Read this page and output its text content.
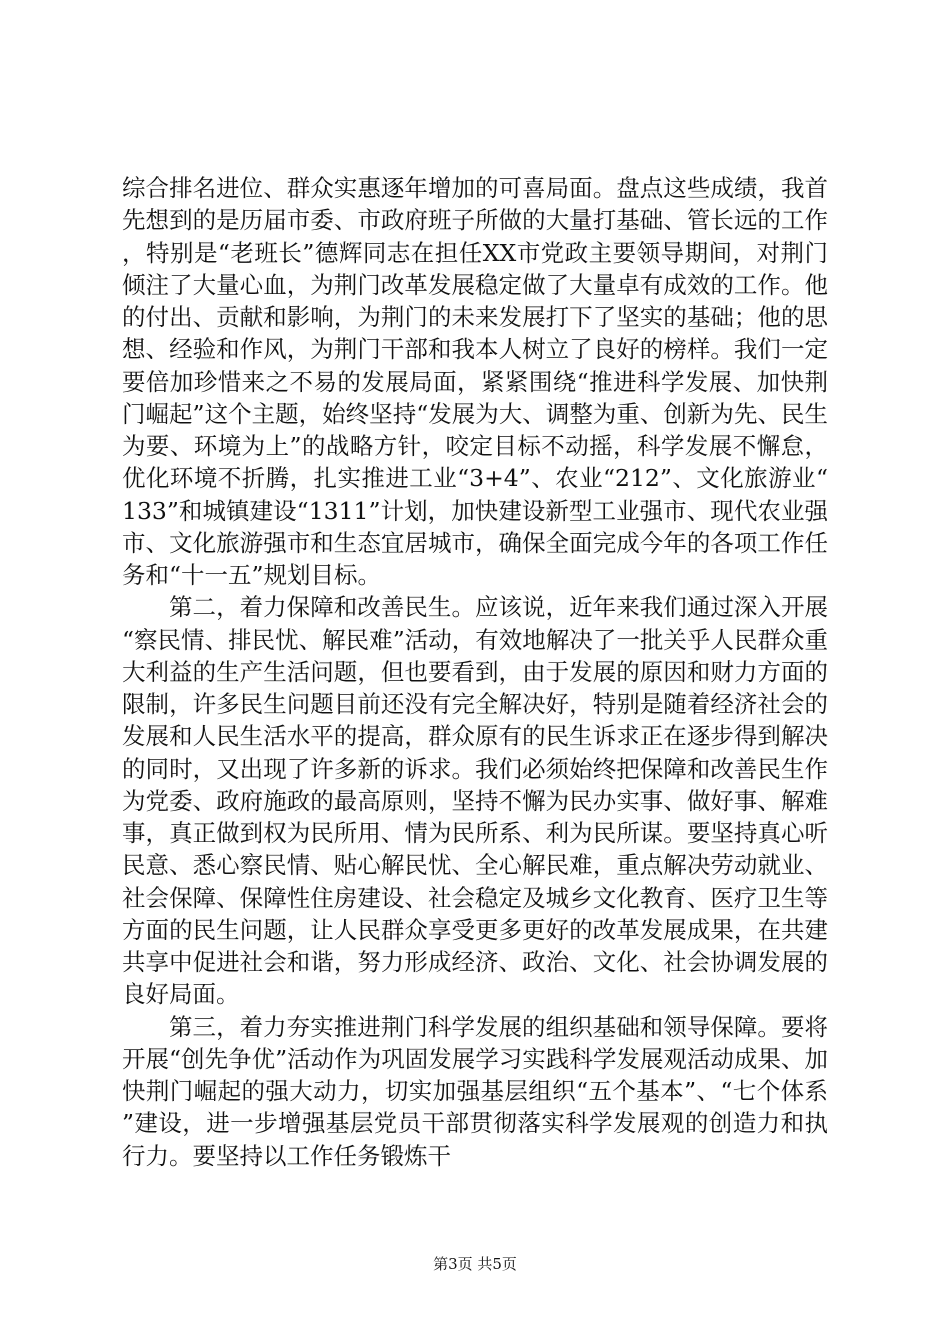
综合排名进位、群众实惠逐年增加的可喜局面。盘点这些成绩，我首先想到的是历届市委、市政府班子所做的大量打基础、管长远的工作，特别是“老班长”德辉同志在担任XX市党政主要领导期间，对荆门倾注了大量心血，为荆门改革发展稳定做了大量卓有成效的工作。他的付出、贡献和影响，为荆门的未来发展打下了坚实的基础；他的思想、经验和作风，为荆门干部和我本人树立了良好的榜样。我们一定要倍加珍惜来之不易的发展局面，紧紧围绕“推进科学发展、加快荆门崛起”这个主题，始终坚持“发展为大、调整为重、创新为先、民生为要、环境为上”的战略方针，咬定目标不动摇，科学发展不懈怠，优化环境不折腾，扎实推进工业“3+4”、农业“212”、文化旅游业“133”和城镇建设“1311”计划，加快建设新型工业强市、现代农业强市、文化旅游强市和生态宜居城市，确保全面完成今年的各项工作任务和“十一五”规划目标。

第二，着力保障和改善民生。应该说，近年来我们通过深入开展“察民情、排民忧、解民难”活动，有效地解决了一批关乎人民群众重大利益的生产生活问题，但也要看到，由于发展的原因和财力方面的限制，许多民生问题目前还没有完全解决好，特别是随着经济社会的发展和人民生活水平的提高，群众原有的民生诉求正在逐步得到解决的同时，又出现了许多新的诉求。我们必须始终把保障和改善民生作为党委、政府施政的最高原则，坚持不懈为民办实事、做好事、解难事，真正做到权为民所用、情为民所系、利为民所谋。要坚持真心听民意、悉心察民情、贴心解民忧、全心解民难，重点解决劳动就业、社会保障、保障性住房建设、社会稳定及城乡文化教育、医疗卫生等方面的民生问题，让人民群众享受更多更好的改革发展成果，在共建共享中促进社会和谐，努力形成经济、政治、文化、社会协调发展的良好局面。

第三，着力夯实推进荆门科学发展的组织基础和领导保障。要将开展“创先争优”活动作为巩固发展学习实践科学发展观活动成果、加快荆门崛起的强大动力，切实加强基层组织“五个基本”、“七个体系”建设，进一步增强基层党员干部贯彻落实科学发展观的创造力和执行力。要坚持以工作任务锻炼干

第3页 共5页
